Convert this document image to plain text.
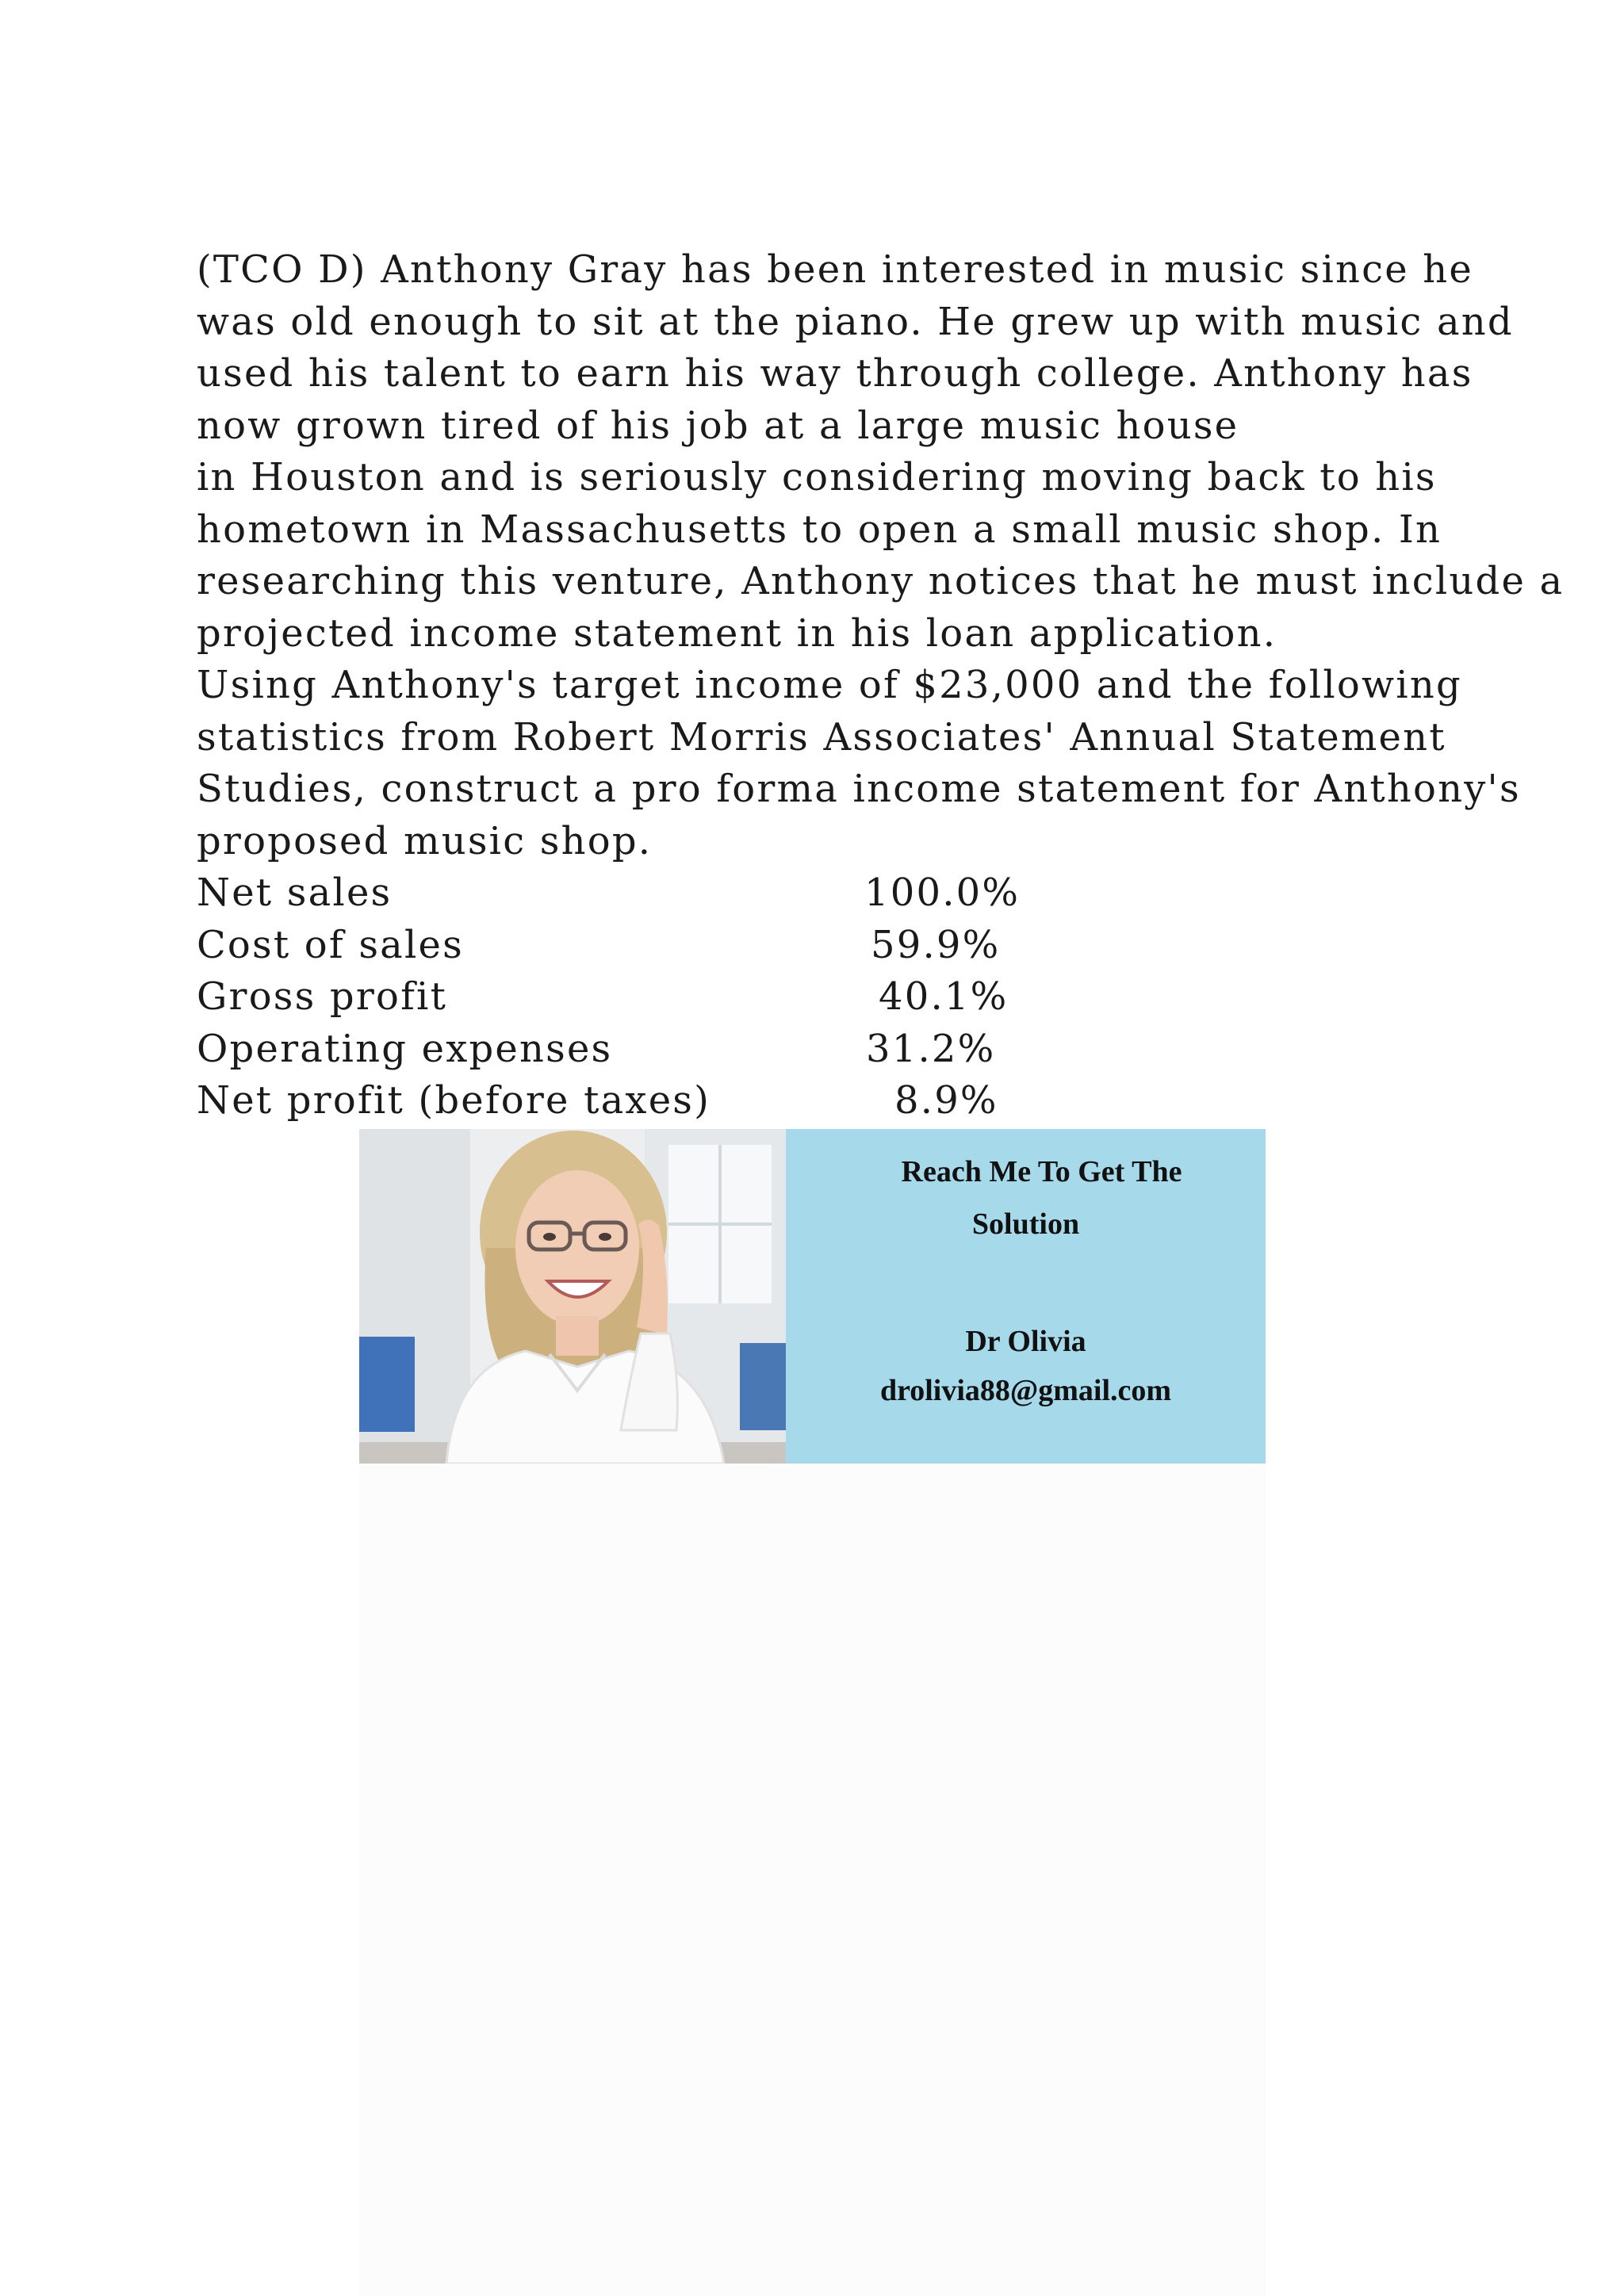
(TCO D) Anthony Gray has been interested in music since he
was old enough to sit at the piano. He grew up with music and
used his talent to earn his way through college. Anthony has
now grown tired of his job at a large music house
in Houston and is seriously considering moving back to his
hometown in Massachusetts to open a small music shop. In
researching this venture, Anthony notices that he must include a
projected income statement in his loan application.
Using Anthony's target income of $23,000 and the following
statistics from Robert Morris Associates' Annual Statement
Studies, construct a pro forma income statement for Anthony's
proposed music shop.
Net sales	100.0%
Cost of sales	59.9%
Gross profit	40.1%
Operating expenses	31.2%
Net profit (before taxes)	8.9%
Reach Me To Get The
Solution
Dr Olivia
drolivia88@gmail.com
